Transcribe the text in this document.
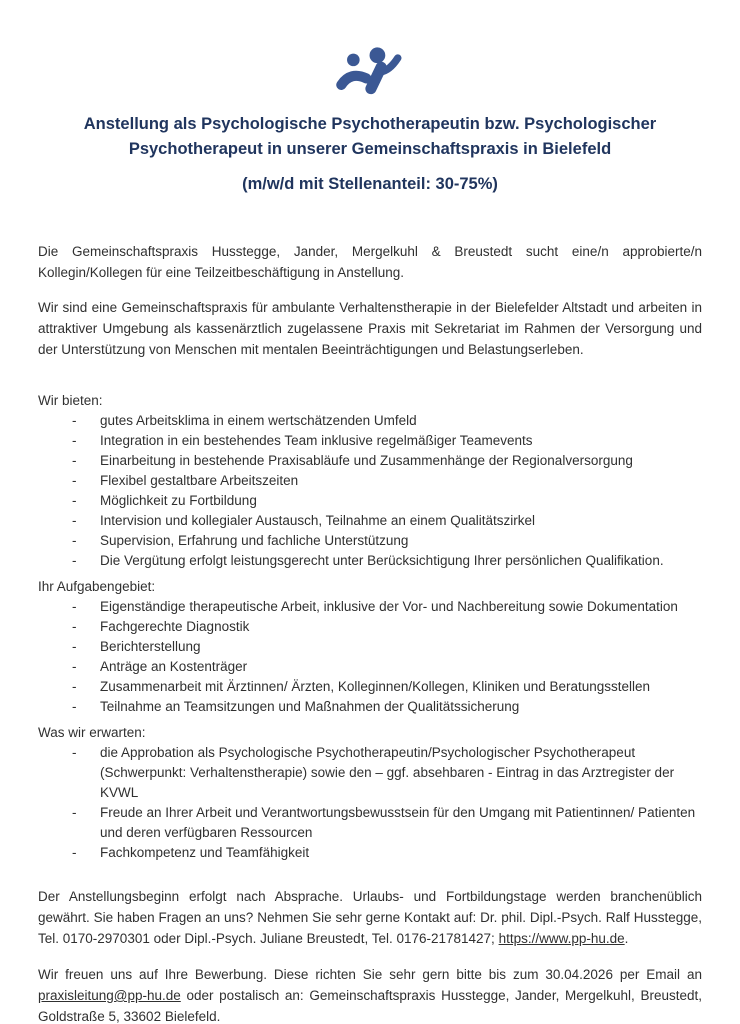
Anstellung als Psychologische Psychotherapeutin bzw. Psychologischer
Psychotherapeut in unserer Gemeinschaftspraxis in Bielefeld
(m/w/d mit Stellenanteil: 30-75%)

Die Gemeinschaftspraxis Husstegge, Jander, Mergelkuhl & Breustedt sucht eine/n approbierte/n Kollegin/Kollegen für eine Teilzeitbeschäftigung in Anstellung.

Wir sind eine Gemeinschaftspraxis für ambulante Verhaltenstherapie in der Bielefelder Altstadt und arbeiten in attraktiver Umgebung als kassenärztlich zugelassene Praxis mit Sekretariat im Rahmen der Versorgung und der Unterstützung von Menschen mit mentalen Beeinträchtigungen und Belastungserleben.

Wir bieten:

-	gutes Arbeitsklima in einem wertschätzenden Umfeld
-	Integration in ein bestehendes Team inklusive regelmäßiger Teamevents
-	Einarbeitung in bestehende Praxisabläufe und Zusammenhänge der Regionalversorgung
-	Flexibel gestaltbare Arbeitszeiten
-	Möglichkeit zu Fortbildung
-	Intervision und kollegialer Austausch, Teilnahme an einem Qualitätszirkel
-	Supervision, Erfahrung und fachliche Unterstützung
-	Die Vergütung erfolgt leistungsgerecht unter Berücksichtigung Ihrer persönlichen Qualifikation.

Ihr Aufgabengebiet:

-	Eigenständige therapeutische Arbeit, inklusive der Vor- und Nachbereitung sowie Dokumentation
-	Fachgerechte Diagnostik
-	Berichterstellung
-	Anträge an Kostenträger
-	Zusammenarbeit mit Ärztinnen/ Ärzten, Kolleginnen/Kollegen, Kliniken und Beratungsstellen
-	Teilnahme an Teamsitzungen und Maßnahmen der Qualitätssicherung

Was wir erwarten:

-	die Approbation als Psychologische Psychotherapeutin/Psychologischer Psychotherapeut (Schwerpunkt: Verhaltenstherapie) sowie den – ggf. absehbaren - Eintrag in das Arztregister der KVWL
-	Freude an Ihrer Arbeit und Verantwortungsbewusstsein für den Umgang mit Patientinnen/ Patienten und deren verfügbaren Ressourcen
-	Fachkompetenz und Teamfähigkeit

Der Anstellungsbeginn erfolgt nach Absprache. Urlaubs- und Fortbildungstage werden branchenüblich gewährt. Sie haben Fragen an uns? Nehmen Sie sehr gerne Kontakt auf: Dr. phil. Dipl.-Psych. Ralf Husstegge, Tel. 0170-2970301 oder Dipl.-Psych. Juliane Breustedt, Tel. 0176-21781427; https://www.pp-hu.de.

Wir freuen uns auf Ihre Bewerbung. Diese richten Sie sehr gern bitte bis zum 30.04.2026 per Email an praxisleitung@pp-hu.de oder postalisch an: Gemeinschaftspraxis Husstegge, Jander, Mergelkuhl, Breustedt, Goldstraße 5, 33602 Bielefeld.
